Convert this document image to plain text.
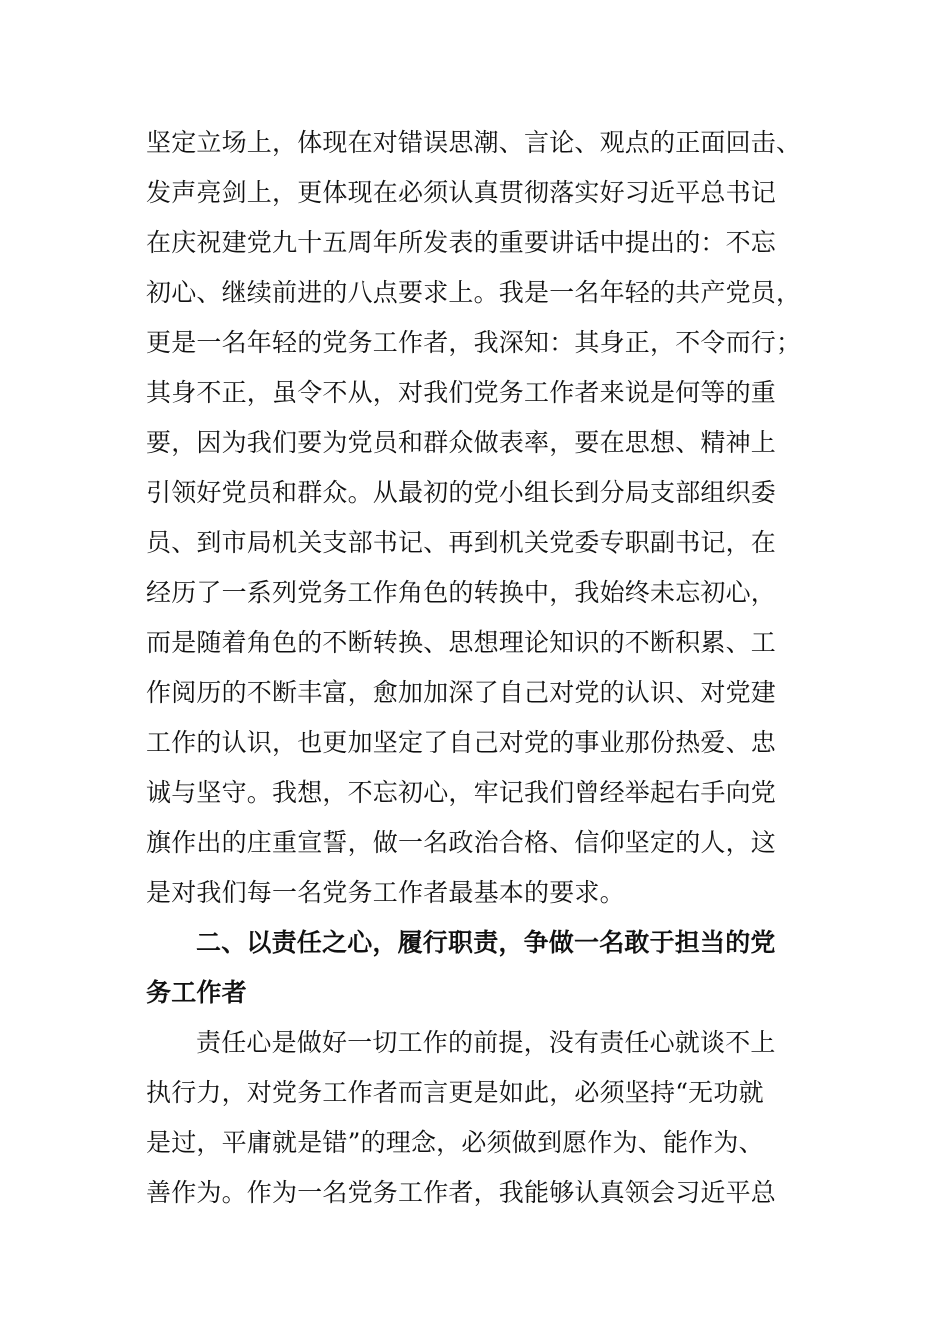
坚定立场上，体现在对错误思潮、言论、观点的正面回击、
发声亮剑上，更体现在必须认真贯彻落实好习近平总书记
在庆祝建党九十五周年所发表的重要讲话中提出的：不忘
初心、继续前进的八点要求上。我是一名年轻的共产党员，
更是一名年轻的党务工作者，我深知：其身正，不令而行；
其身不正，虽令不从，对我们党务工作者来说是何等的重
要，因为我们要为党员和群众做表率，要在思想、精神上
引领好党员和群众。从最初的党小组长到分局支部组织委
员、到市局机关支部书记、再到机关党委专职副书记，在
经历了一系列党务工作角色的转换中，我始终未忘初心，
而是随着角色的不断转换、思想理论知识的不断积累、工
作阅历的不断丰富，愈加加深了自己对党的认识、对党建
工作的认识，也更加坚定了自己对党的事业那份热爱、忠
诚与坚守。我想，不忘初心，牢记我们曾经举起右手向党
旗作出的庄重宣誓，做一名政治合格、信仰坚定的人，这
是对我们每一名党务工作者最基本的要求。
二、以责任之心，履行职责，争做一名敢于担当的党
务工作者
责任心是做好一切工作的前提，没有责任心就谈不上
执行力，对党务工作者而言更是如此，必须坚持“无功就
是过，平庸就是错”的理念，必须做到愿作为、能作为、
善作为。作为一名党务工作者，我能够认真领会习近平总
